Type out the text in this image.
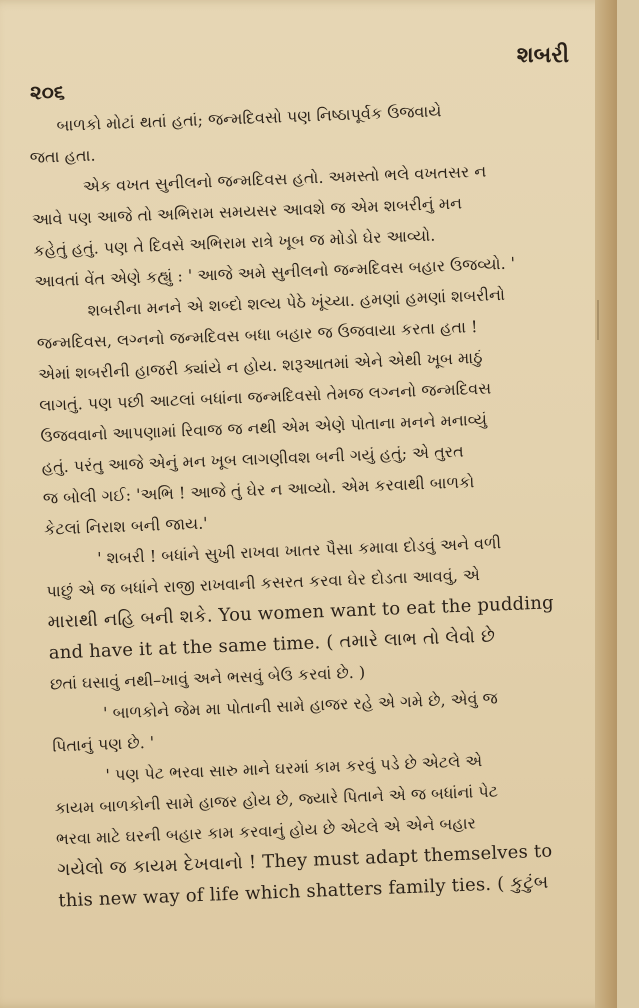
શબરી
૨૦૬
બાળકો મોટાં થતાં હતાં; જન્મદિવસો પણ નિષ્ઠાપૂર્વક ઉજવાયે
જતા હતા.
એક વખત સુનીલનો જન્મદિવસ હતો. અમસ્તો ભલે વખતસર ન
આવે પણ આજે તો અભિરામ સમયસર આવશે જ એમ શબરીનું મન
કહેતું હતું. પણ તે દિવસે અભિરામ રાત્રે ખૂબ જ મોડો ઘેર આવ્યો.
આવતાં વેંત એણે કહ્યું : ' આજે અમે સુનીલનો જન્મદિવસ બહાર ઉજવ્યો. '
શબરીના મનને એ શબ્દો શલ્ય પેઠે ખૂંચ્યા. હમણાં હમણાં શબરીનો
જન્મદિવસ, લગ્નનો જન્મદિવસ બધા બહાર જ ઉજવાયા કરતા હતા !
એમાં શબરીની હાજરી ક્યાંયે ન હોય. શરૂઆતમાં એને એથી ખૂબ માઠું
લાગતું. પણ પછી આટલાં બધાંના જન્મદિવસો તેમજ લગ્નનો જન્મદિવસ
ઉજવવાનો આપણામાં રિવાજ જ નથી એમ એણે પોતાના મનને મનાવ્યું
હતું. પરંતુ આજે એનું મન ખૂબ લાગણીવશ બની ગયું હતું; એ તુરત
જ બોલી ગઈ: 'અભિ ! આજે તું ઘેર ન આવ્યો. એમ કરવાથી બાળકો
કેટલાં નિરાશ બની જાય.'
' શબરી ! બધાંને સુખી રાખવા ખાતર પૈસા કમાવા દોડવું અને વળી
પાછું એ જ બધાંને રાજી રાખવાની કસરત કરવા ઘેર દોડતા આવવું, એ
મારાથી નહિ બની શકે. You women want to eat the pudding
and have it at the same time. ( તમારે લાભ તો લેવો છે
છતાં ઘસાવું નથી–ખાવું અને ભસવું બેઉ કરવાં છે. )
' બાળકોને જેમ મા પોતાની સામે હાજર રહે એ ગમે છે, એવું જ
પિતાનું પણ છે. '
' પણ પેટ ભરવા સારુ માને ઘરમાં કામ કરવું પડે છે એટલે એ
કાયમ બાળકોની સામે હાજર હોય છે, જ્યારે પિતાને એ જ બધાંનાં પેટ
ભરવા માટે ઘરની બહાર કામ કરવાનું હોય છે એટલે એ એને બહાર
ગયેલો જ કાયમ દેખવાનો ! They must adapt themselves to
this new way of life which shatters family ties. ( કુટુંબ
